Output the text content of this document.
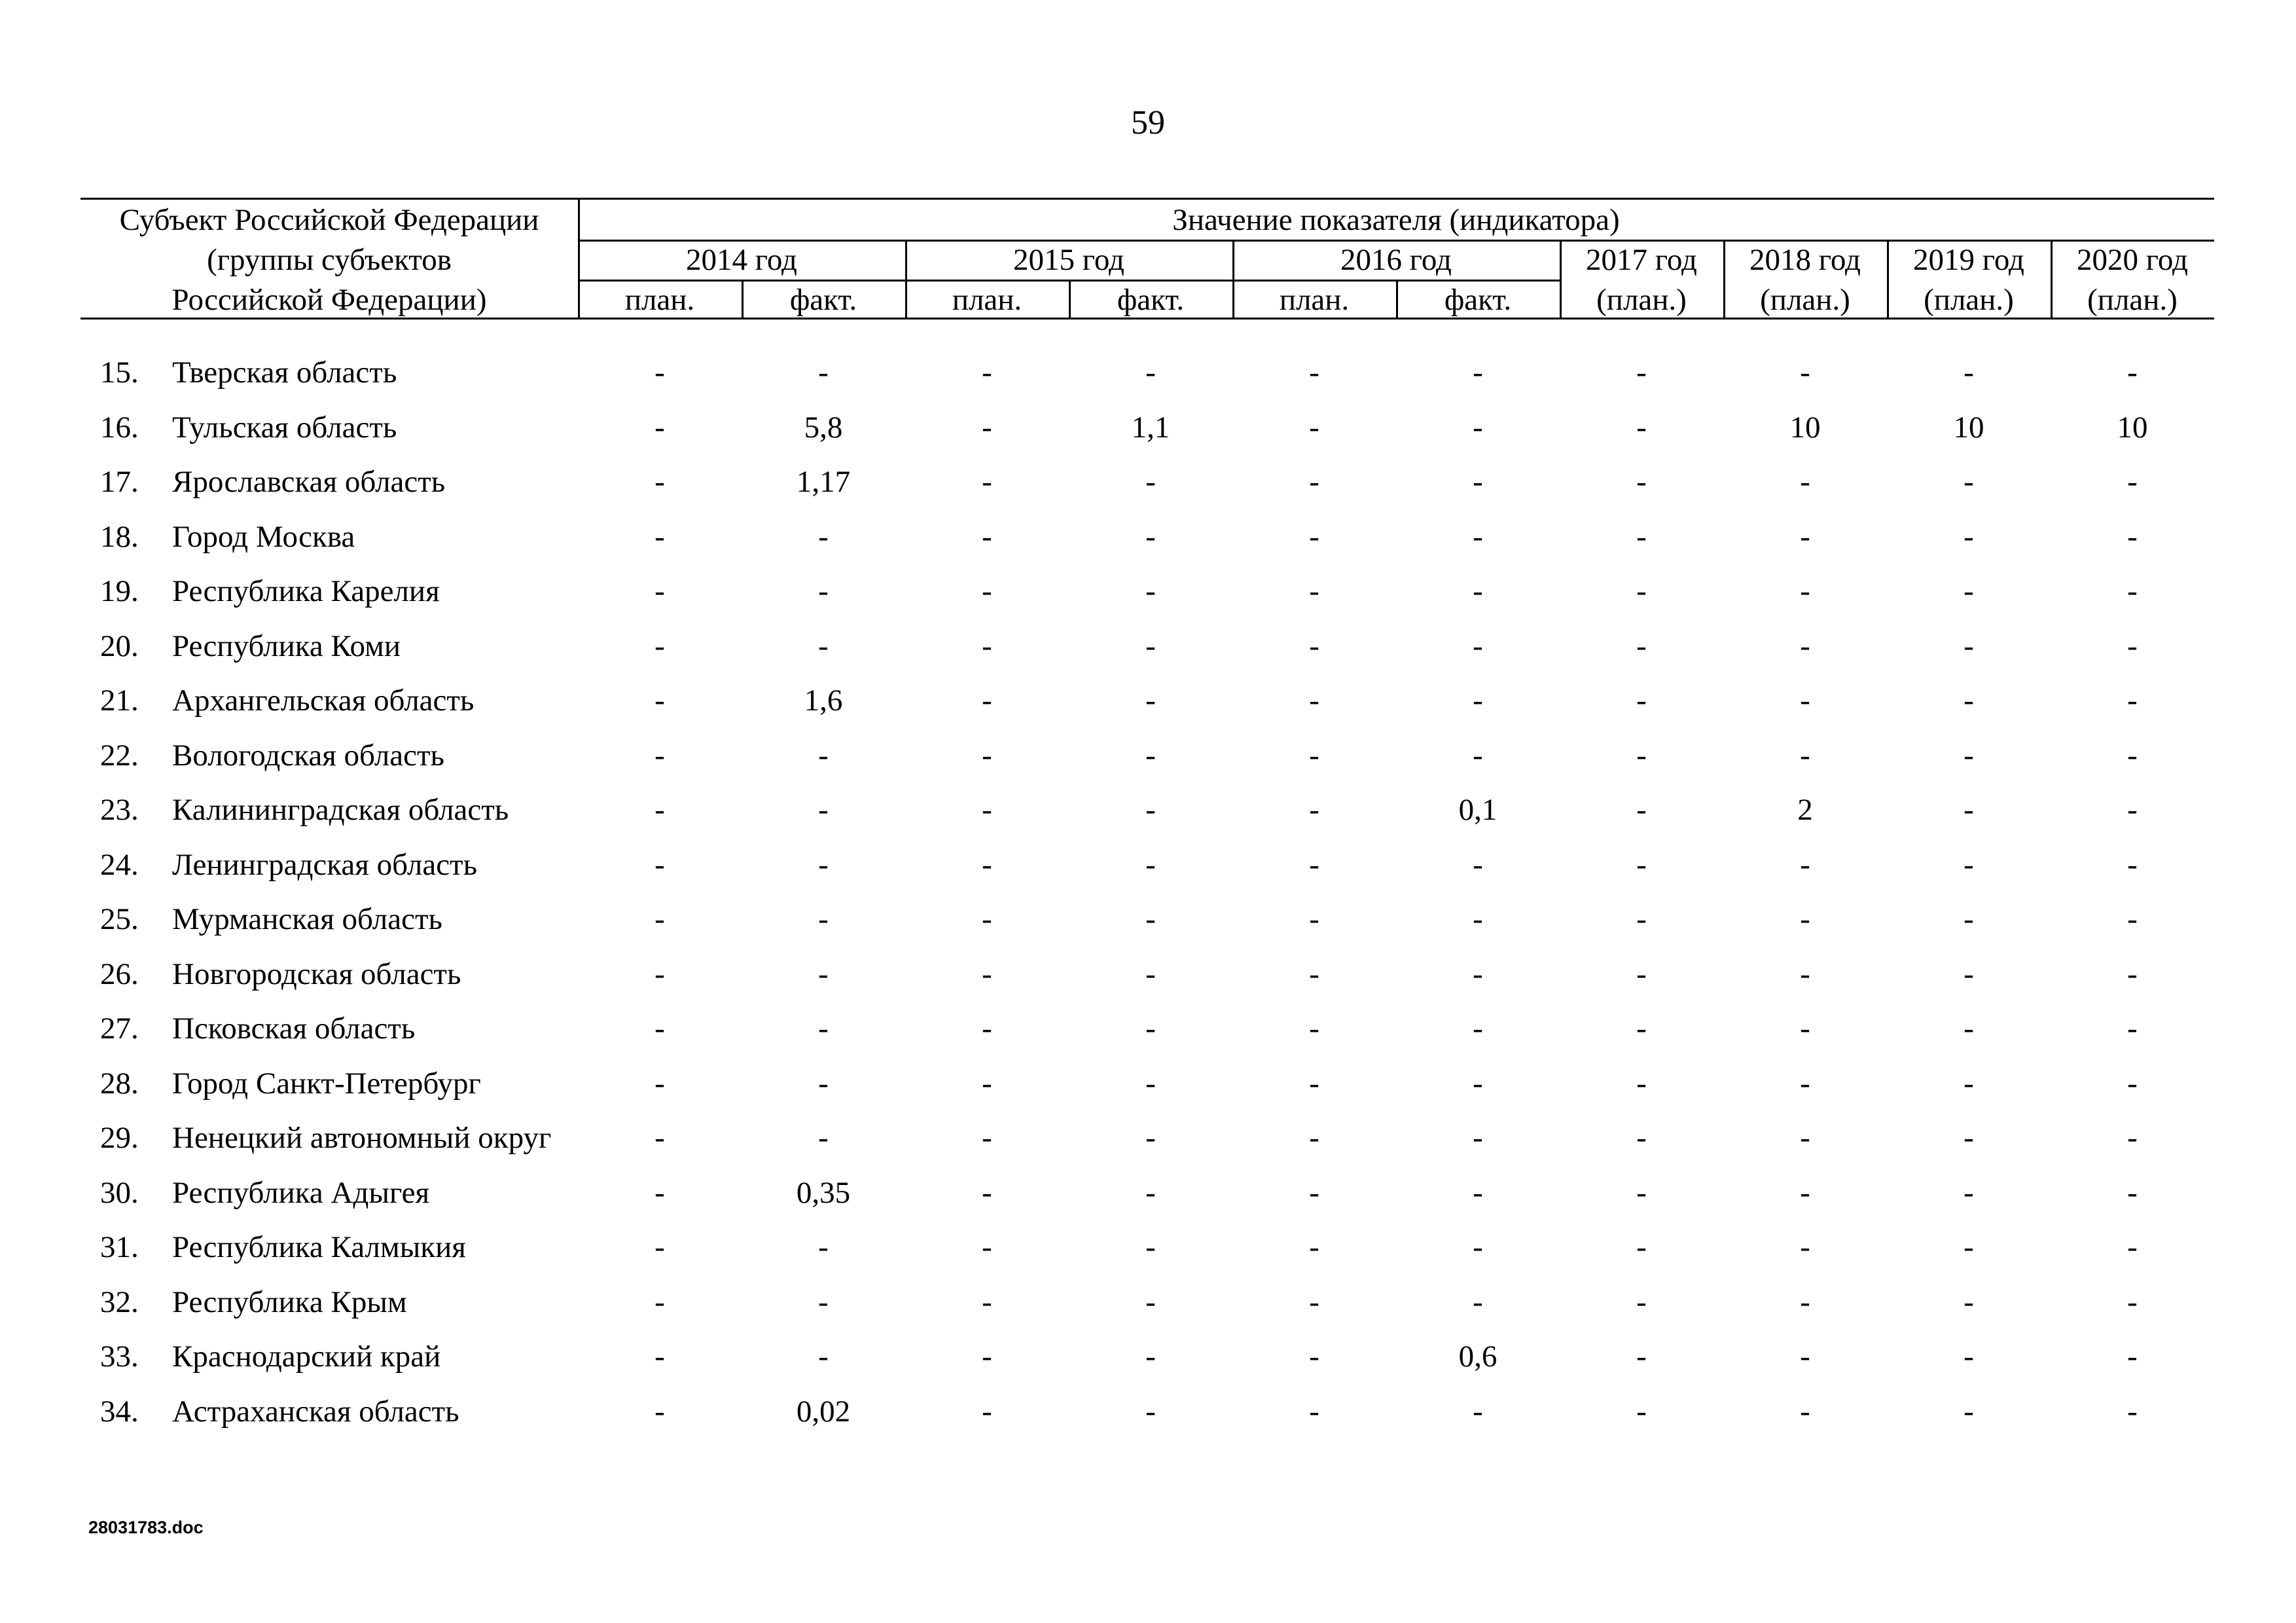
59
Субъект Российской Федерации
(группы субъектов
Российской Федерации)
Значение показателя (индикатора)
2014 год	2015 год	2016 год	2017 год	2018 год	2019 год	2020 год
план.	факт.	план.	факт.	план.	факт.	(план.)	(план.)	(план.)	(план.)
15.	Тверская область	-	-	-	-	-	-	-	-	-	-
16.	Тульская область	-	5,8	-	1,1	-	-	-	10	10	10
17.	Ярославская область	-	1,17	-	-	-	-	-	-	-	-
18.	Город Москва	-	-	-	-	-	-	-	-	-	-
19.	Республика Карелия	-	-	-	-	-	-	-	-	-	-
20.	Республика Коми	-	-	-	-	-	-	-	-	-	-
21.	Архангельская область	-	1,6	-	-	-	-	-	-	-	-
22.	Вологодская область	-	-	-	-	-	-	-	-	-	-
23.	Калининградская область	-	-	-	-	-	0,1	-	2	-	-
24.	Ленинградская область	-	-	-	-	-	-	-	-	-	-
25.	Мурманская область	-	-	-	-	-	-	-	-	-	-
26.	Новгородская область	-	-	-	-	-	-	-	-	-	-
27.	Псковская область	-	-	-	-	-	-	-	-	-	-
28.	Город Санкт-Петербург	-	-	-	-	-	-	-	-	-	-
29.	Ненецкий автономный округ	-	-	-	-	-	-	-	-	-	-
30.	Республика Адыгея	-	0,35	-	-	-	-	-	-	-	-
31.	Республика Калмыкия	-	-	-	-	-	-	-	-	-	-
32.	Республика Крым	-	-	-	-	-	-	-	-	-	-
33.	Краснодарский край	-	-	-	-	-	0,6	-	-	-	-
34.	Астраханская область	-	0,02	-	-	-	-	-	-	-	-
28031783.doc
